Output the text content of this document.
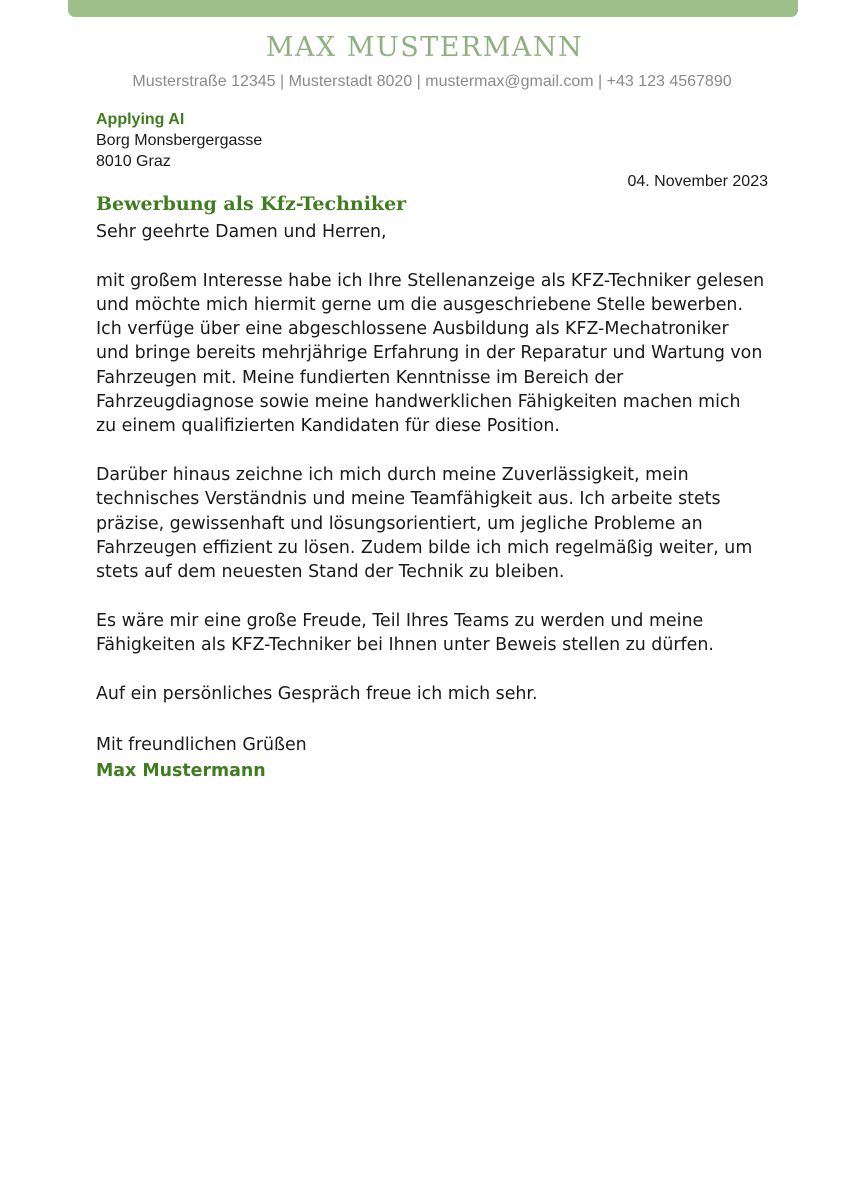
MAX MUSTERMANN
Musterstraße 12345 | Musterstadt 8020 | mustermax@gmail.com | +43 123 4567890
Applying AI
Borg Monsbergergasse
8010 Graz
04. November 2023
Bewerbung als Kfz-Techniker

Sehr geehrte Damen und Herren,

mit großem Interesse habe ich Ihre Stellenanzeige als KFZ-Techniker gelesen und möchte mich hiermit gerne um die ausgeschriebene Stelle bewerben. Ich verfüge über eine abgeschlossene Ausbildung als KFZ-Mechatroniker und bringe bereits mehrjährige Erfahrung in der Reparatur und Wartung von Fahrzeugen mit. Meine fundierten Kenntnisse im Bereich der Fahrzeugdiagnose sowie meine handwerklichen Fähigkeiten machen mich zu einem qualifizierten Kandidaten für diese Position.

Darüber hinaus zeichne ich mich durch meine Zuverlässigkeit, mein technisches Verständnis und meine Teamfähigkeit aus. Ich arbeite stets präzise, gewissenhaft und lösungsorientiert, um jegliche Probleme an Fahrzeugen effizient zu lösen. Zudem bilde ich mich regelmäßig weiter, um stets auf dem neuesten Stand der Technik zu bleiben.

Es wäre mir eine große Freude, Teil Ihres Teams zu werden und meine Fähigkeiten als KFZ-Techniker bei Ihnen unter Beweis stellen zu dürfen.

Auf ein persönliches Gespräch freue ich mich sehr.

Mit freundlichen Grüßen
Max Mustermann
